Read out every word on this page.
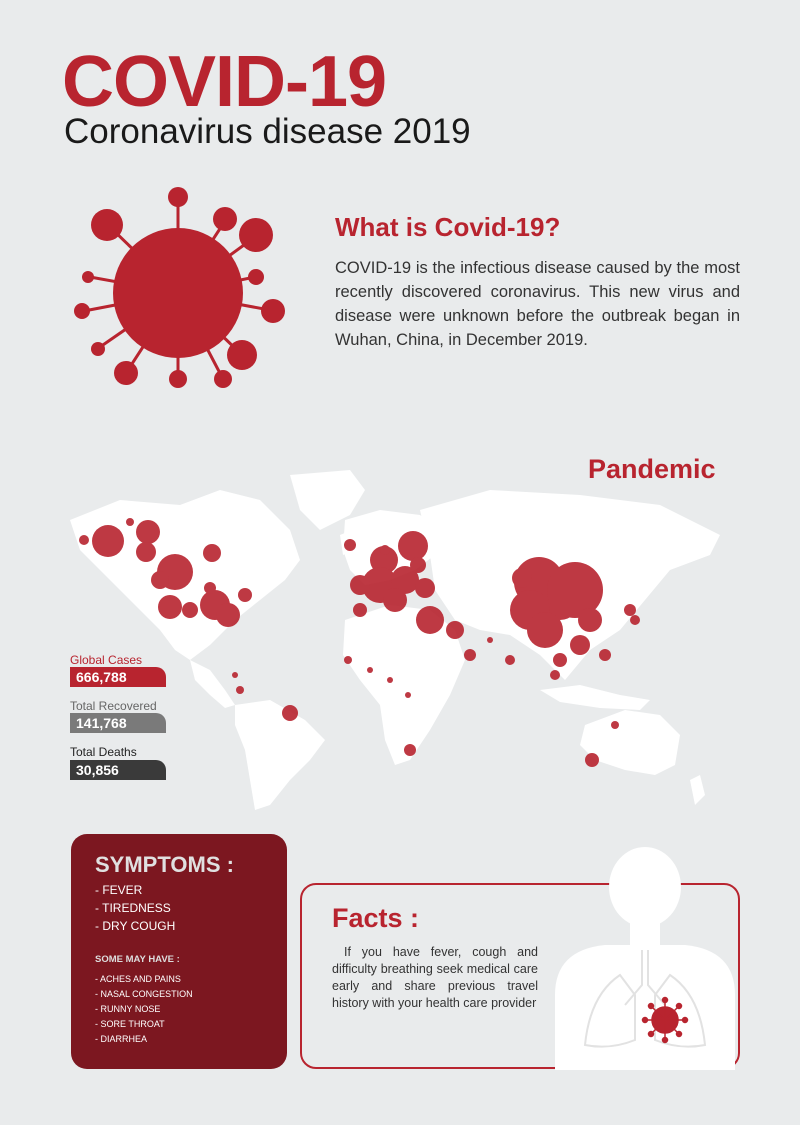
COVID-19
Coronavirus disease 2019
What is Covid-19?
COVID-19 is the infectious disease caused by the most recently discovered coronavirus. This new virus and disease were unknown before the outbreak began in Wuhan, China, in December 2019.
Pandemic
Global Cases
666,788
Total Recovered
141,768
Total Deaths
30,856
SYMPTOMS :
- FEVER
- TIREDNESS
- DRY COUGH
SOME MAY HAVE :
- ACHES AND PAINS
- NASAL CONGESTION
- RUNNY NOSE
- SORE THROAT
- DIARRHEA
Facts :
If you have fever, cough and difficulty breathing seek medical care early and share previous travel history with your health care provider
